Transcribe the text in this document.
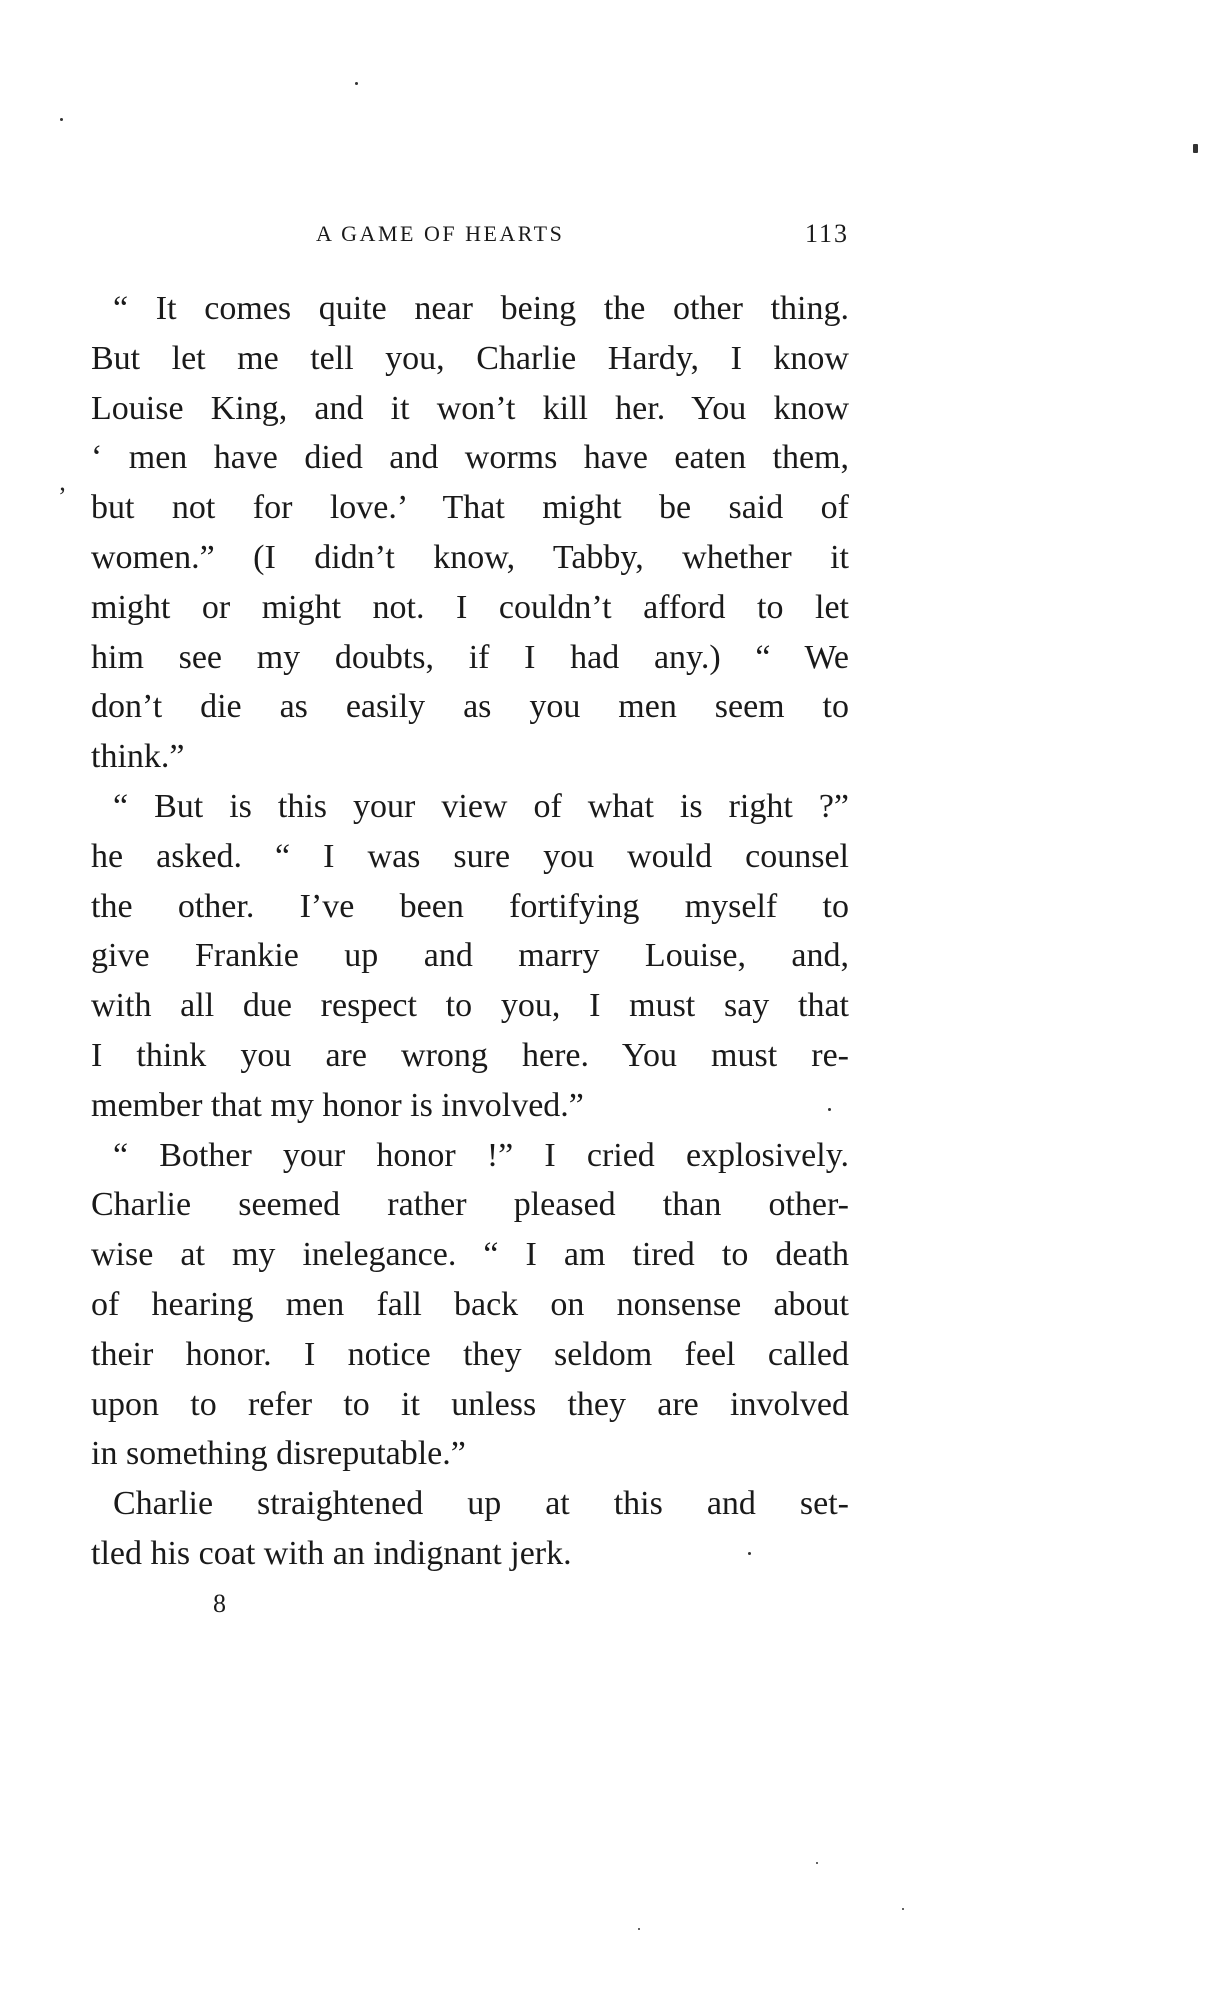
A GAME OF HEARTS	113
“ It comes quite near being the other thing.
But let me tell you, Charlie Hardy, I know
Louise King, and it won’t kill her. You know
‘ men have died and worms have eaten them,
but not for love.’ That might be said of
women.” (I didn’t know, Tabby, whether it
might or might not. I couldn’t afford to let
him see my doubts, if I had any.) “ We
don’t die as easily as you men seem to
think.”
“ But is this your view of what is right ?”
he asked. “ I was sure you would counsel
the other. I’ve been fortifying myself to
give Frankie up and marry Louise, and,
with all due respect to you, I must say that
I think you are wrong here. You must re-
member that my honor is involved.”
“ Bother your honor !” I cried explosively.
Charlie seemed rather pleased than other-
wise at my inelegance. “ I am tired to death
of hearing men fall back on nonsense about
their honor. I notice they seldom feel called
upon to refer to it unless they are involved
in something disreputable.”
Charlie straightened up at this and set-
tled his coat with an indignant jerk.
8
’
